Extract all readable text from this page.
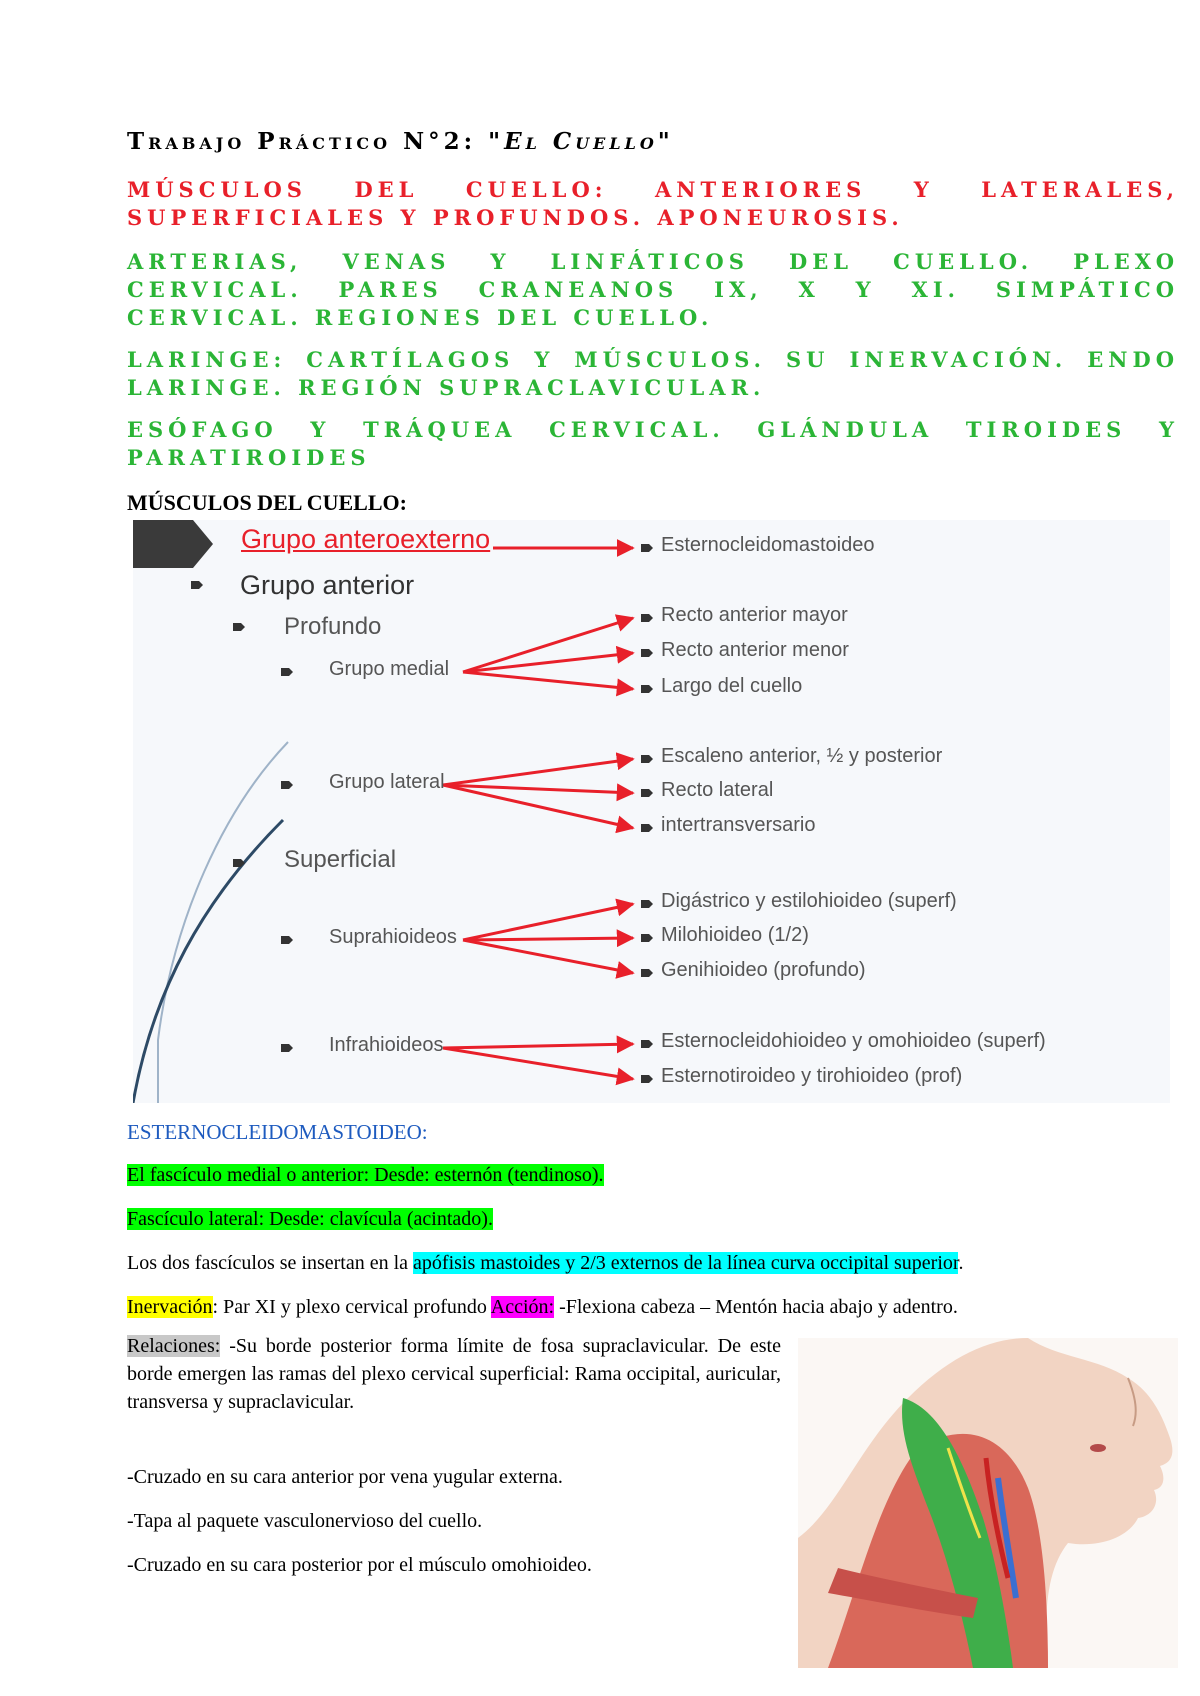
Trabajo Práctico N°2: "El Cuello"
MÚSCULOS DEL CUELLO: ANTERIORES Y LATERALES, SUPERFICIALES Y PROFUNDOS. APONEUROSIS.
ARTERIAS, VENAS Y LINFÁTICOS DEL CUELLO. PLEXO CERVICAL. PARES CRANEANOS IX, X Y XI. SIMPÁTICO CERVICAL. REGIONES DEL CUELLO.
LARINGE: CARTÍLAGOS Y MÚSCULOS. SU INERVACIÓN. ENDO LARINGE. REGIÓN SUPRACLAVICULAR.
ESÓFAGO Y TRÁQUEA CERVICAL. GLÁNDULA TIROIDES Y PARATIROIDES
MÚSCULOS DEL CUELLO:
Grupo anteroexterno	Esternocleidomastoideo
Grupo anterior
Profundo
Grupo medial
Recto anterior mayor
Recto anterior menor
Largo del cuello
Grupo lateral
Escaleno anterior, ½ y posterior
Recto lateral
intertransversario
Superficial
Suprahioideos
Digástrico y estilohioideo (superf)
Milohioideo (1/2)
Genihioideo (profundo)
Infrahioideos	Esternocleidohioideo y omohioideo (superf)
Esternotiroideo y tirohioideo (prof)
ESTERNOCLEIDOMASTOIDEO:
El fascículo medial o anterior: Desde: esternón (tendinoso).
Fascículo lateral: Desde: clavícula (acintado).
Los dos fascículos se insertan en la apófisis mastoides y 2/3 externos de la línea curva occipital superior.
Inervación: Par XI y plexo cervical profundo Acción: -Flexiona cabeza – Mentón hacia abajo y adentro.
Relaciones: -Su borde posterior forma límite de fosa supraclavicular. De este borde emergen las ramas del plexo cervical superficial: Rama occipital, auricular, transversa y supraclavicular.
-Cruzado en su cara anterior por vena yugular externa.
-Tapa al paquete vasculonervioso del cuello.
-Cruzado en su cara posterior por el músculo omohioideo.
